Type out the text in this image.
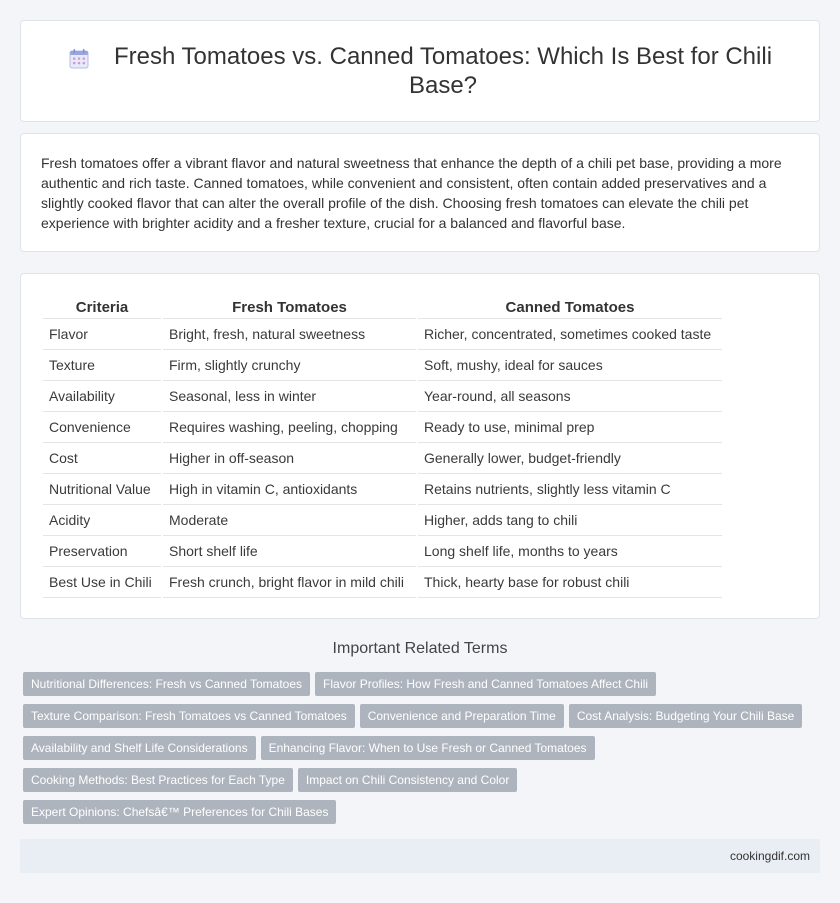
Fresh Tomatoes vs. Canned Tomatoes: Which Is Best for Chili Base?

Fresh tomatoes offer a vibrant flavor and natural sweetness that enhance the depth of a chili pet base, providing a more authentic and rich taste. Canned tomatoes, while convenient and consistent, often contain added preservatives and a slightly cooked flavor that can alter the overall profile of the dish. Choosing fresh tomatoes can elevate the chili pet experience with brighter acidity and a fresher texture, crucial for a balanced and flavorful base.

Criteria	Fresh Tomatoes	Canned Tomatoes
Flavor	Bright, fresh, natural sweetness	Richer, concentrated, sometimes cooked taste
Texture	Firm, slightly crunchy	Soft, mushy, ideal for sauces
Availability	Seasonal, less in winter	Year-round, all seasons
Convenience	Requires washing, peeling, chopping	Ready to use, minimal prep
Cost	Higher in off-season	Generally lower, budget-friendly
Nutritional Value	High in vitamin C, antioxidants	Retains nutrients, slightly less vitamin C
Acidity	Moderate	Higher, adds tang to chili
Preservation	Short shelf life	Long shelf life, months to years
Best Use in Chili	Fresh crunch, bright flavor in mild chili	Thick, hearty base for robust chili
Important Related Terms
Nutritional Differences: Fresh vs Canned Tomatoes Flavor Profiles: How Fresh and Canned Tomatoes Affect Chili
Texture Comparison: Fresh Tomatoes vs Canned Tomatoes Convenience and Preparation Time Cost Analysis: Budgeting Your Chili Base
Availability and Shelf Life Considerations Enhancing Flavor: When to Use Fresh or Canned Tomatoes
Cooking Methods: Best Practices for Each Type Impact on Chili Consistency and Color
Expert Opinions: Chefsâ€™ Preferences for Chili Bases
cookingdif.com
